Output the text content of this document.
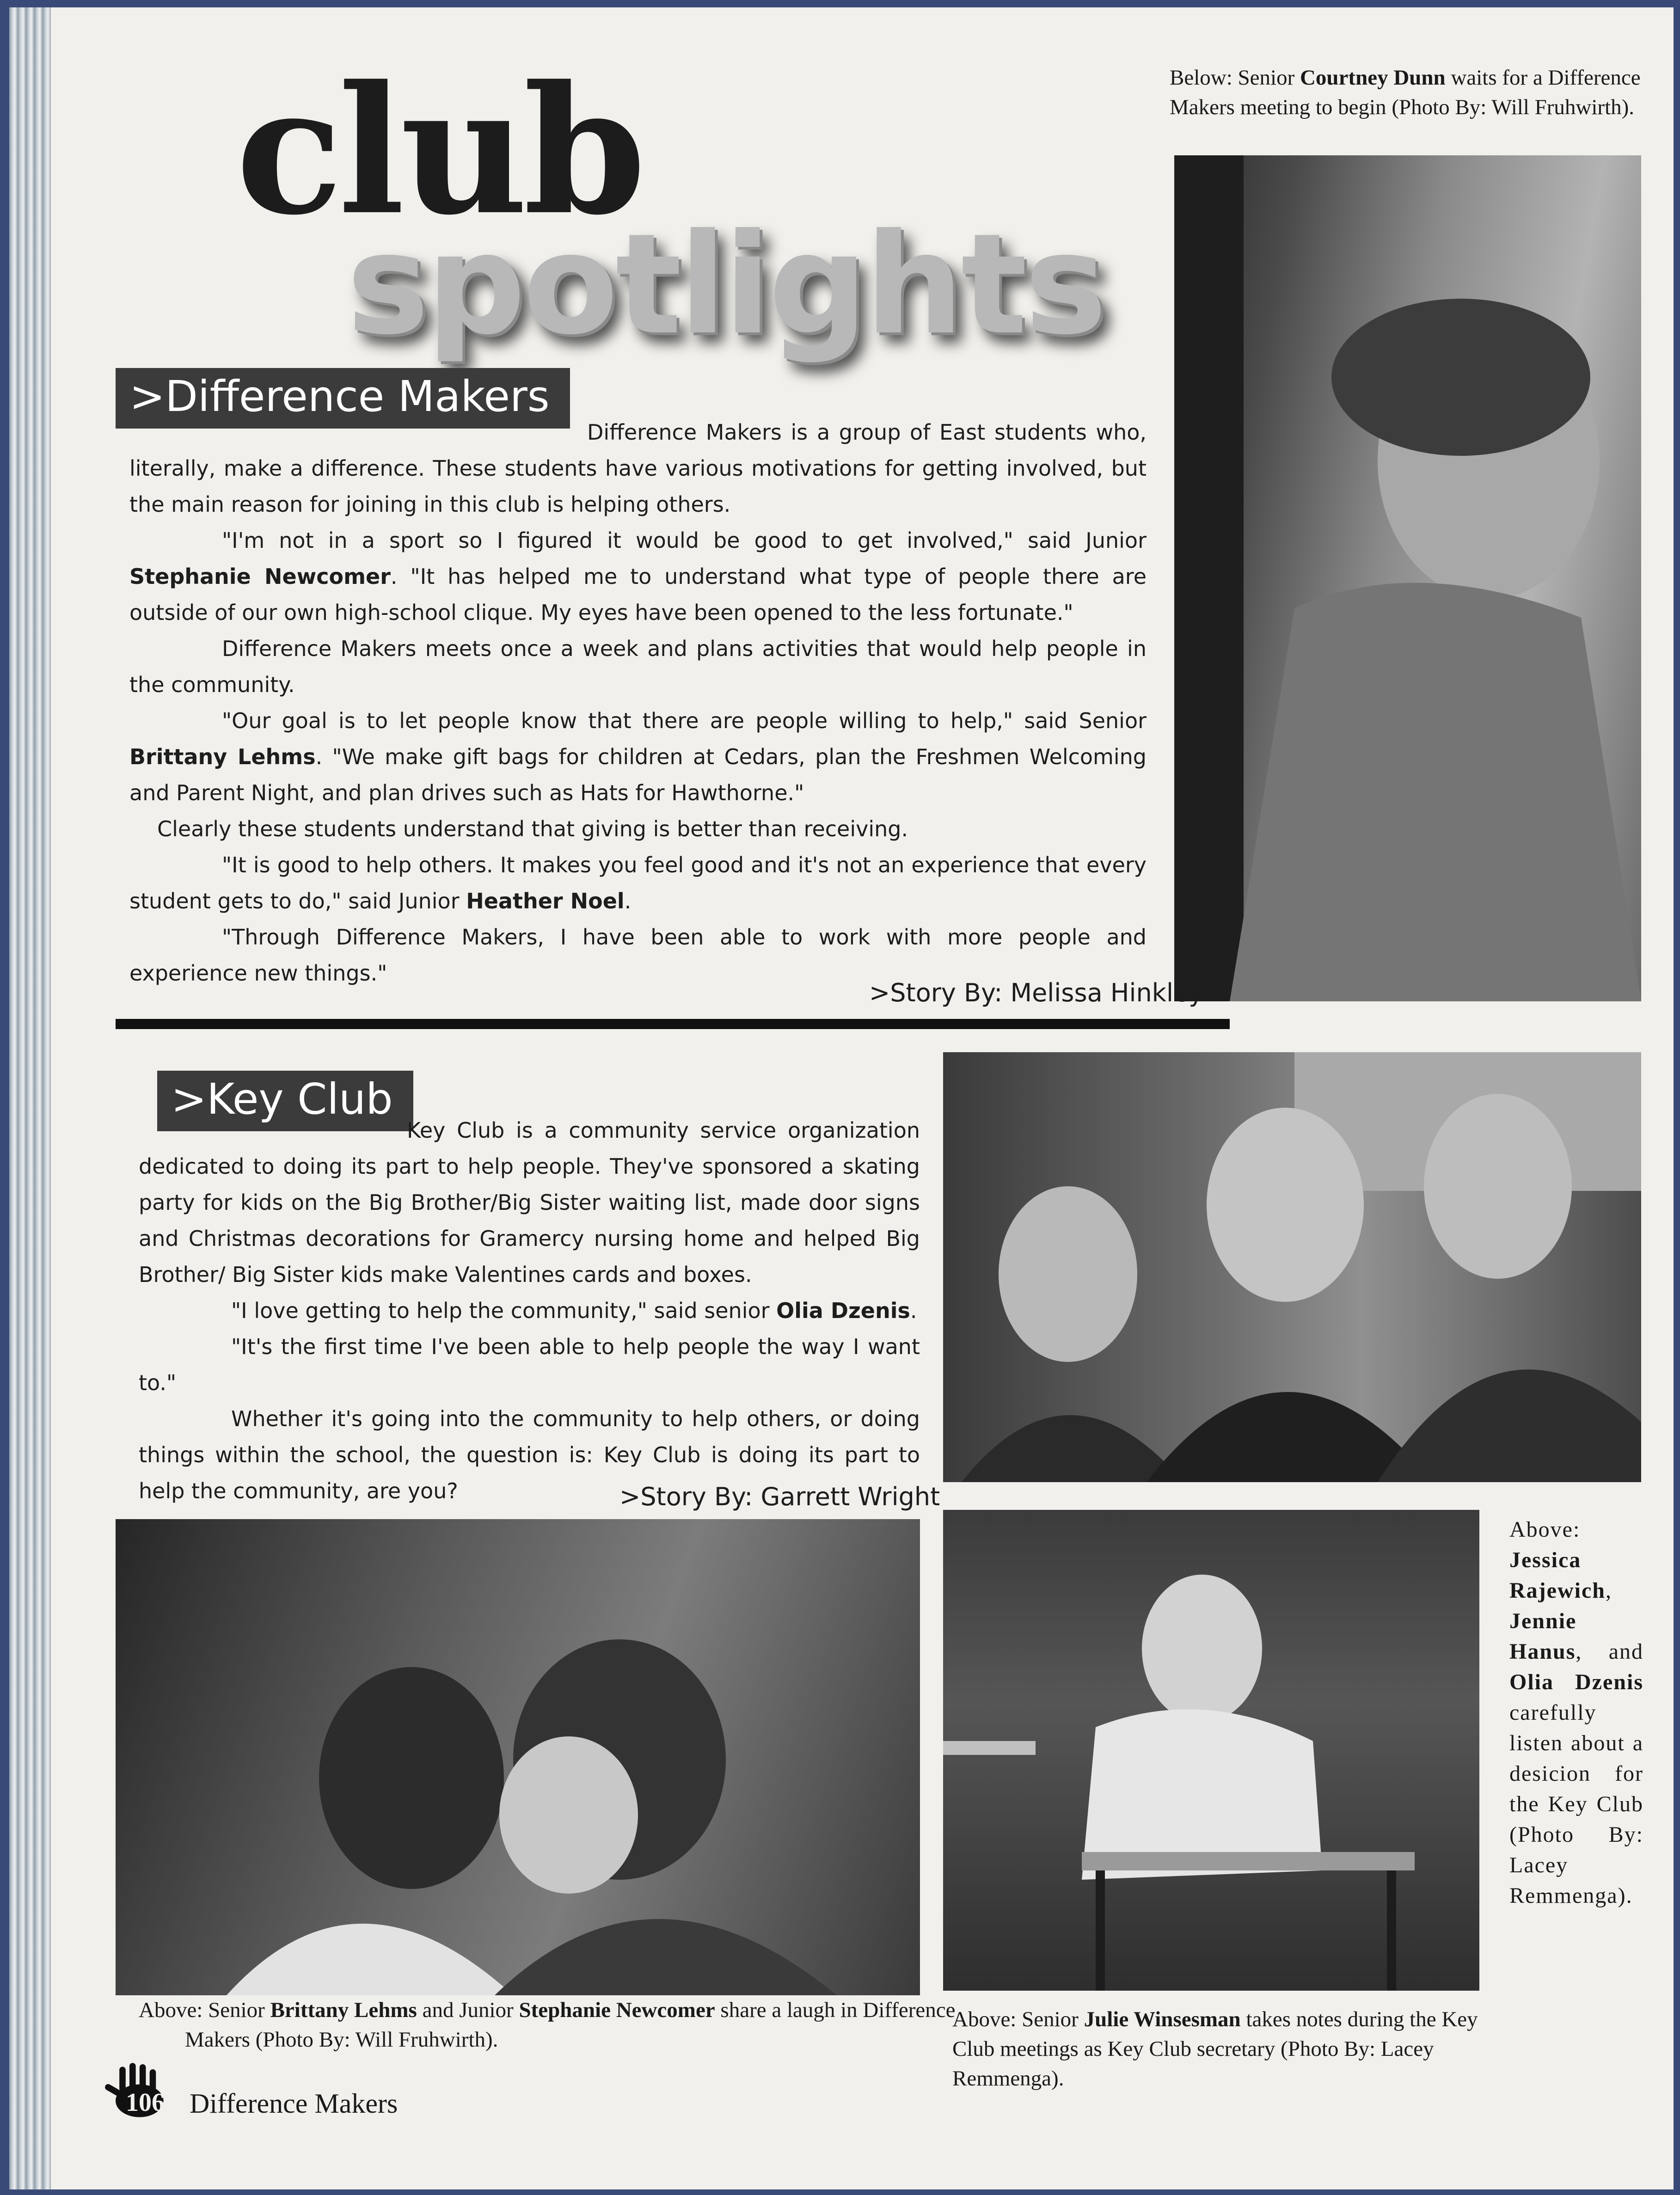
club
spotlights
Below: Senior Courtney Dunn waits for a Difference Makers meeting to begin (Photo By: Will Fruhwirth).
>Difference Makers

Difference Makers is a group of East students who, literally, make a difference. These students have various motivations for getting involved, but the main reason for joining in this club is helping others.

"I'm not in a sport so I figured it would be good to get involved," said Junior Stephanie Newcomer. "It has helped me to understand what type of people there are outside of our own high-school clique. My eyes have been opened to the less fortunate."

Difference Makers meets once a week and plans activities that would help people in the community.

"Our goal is to let people know that there are people willing to help," said Senior Brittany Lehms. "We make gift bags for children at Cedars, plan the Freshmen Welcoming and Parent Night, and plan drives such as Hats for Hawthorne."

Clearly these students understand that giving is better than receiving.

"It is good to help others. It makes you feel good and it's not an experience that every student gets to do," said Junior Heather Noel.

"Through Difference Makers, I have been able to work with more people and experience new things."

>Story By: Melissa Hinkley
>Key Club

Key Club is a community service organization dedicated to doing its part to help people. They've sponsored a skating party for kids on the Big Brother/Big Sister waiting list, made door signs and Christmas decorations for Gramercy nursing home and helped Big Brother/ Big Sister kids make Valentines cards and boxes.

"I love getting to help the community," said senior Olia Dzenis.

"It's the first time I've been able to help people the way I want to."

Whether it's going into the community to help others, or doing things within the school, the question is: Key Club is doing its part to help the community, are you?	>Story By: Garrett Wright
Above: Jessica Rajewich, Jennie Hanus, and Olia Dzenis carefully listen about a desicion for the Key Club (Photo By: Lacey Remmenga).
Above: Senior Brittany Lehms and Junior Stephanie Newcomer share a laugh in Difference Makers (Photo By: Will Fruhwirth).
Above: Senior Julie Winsesman takes notes during the Key Club meetings as Key Club secretary (Photo By: Lacey Remmenga).
106 Difference Makers
